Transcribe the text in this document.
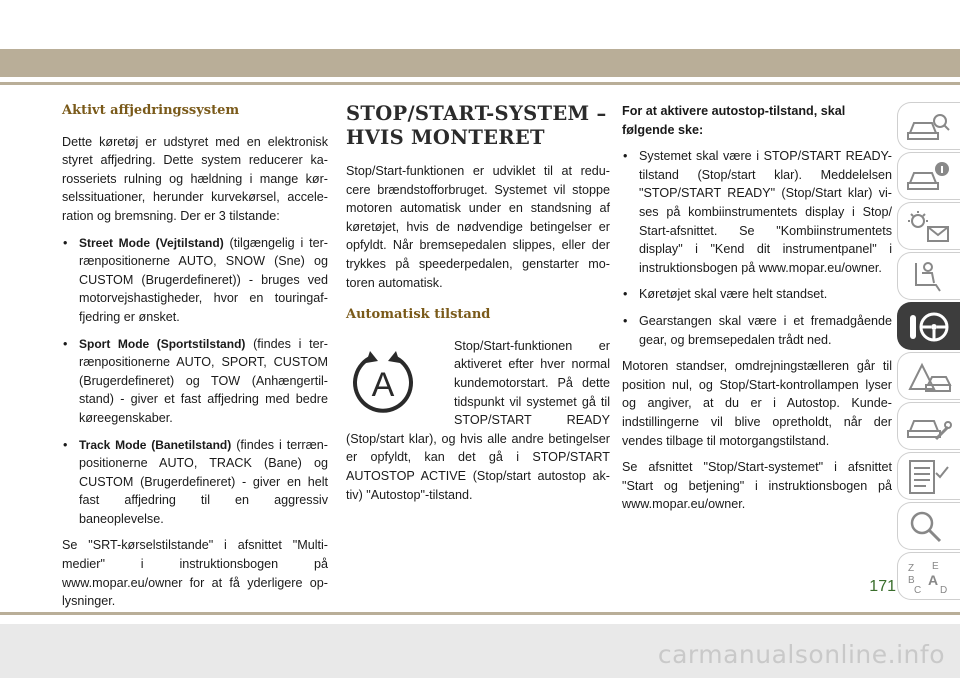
Aktivt affjedringssystem

Dette køretøj er udstyret med en elektronisk styret affjedring. Dette system reducerer ka- rosseriets rulning og hældning i mange kør- selssituationer, herunder kurvekørsel, accele- ration og bremsning. Der er 3 tilstande:

• Street Mode (Vejtilstand) (tilgængelig i ter- rænpositionerne AUTO, SNOW (Sne) og CUSTOM (Brugerdefineret)) - bruges ved motorvejshastigheder, hvor en touringaf- fjedring er ønsket.
• Sport Mode (Sportstilstand) (findes i ter- rænpositionerne AUTO, SPORT, CUSTOM (Brugerdefineret) og TOW (Anhængertil- stand) - giver et fast affjedring med bedre køreegenskaber.
• Track Mode (Banetilstand) (findes i terræn- positionerne AUTO, TRACK (Bane) og CUSTOM (Brugerdefineret) - giver en helt fast affjedring til en aggressiv baneoplevelse.

Se "SRT-kørselstilstande" i afsnittet "Multi- medier" i instruktionsbogen på www.mopar.eu/owner for at få yderligere op- lysninger.

STOP/START-SYSTEM – HVIS MONTERET

Stop/Start-funktionen er udviklet til at redu- cere brændstofforbruget. Systemet vil stoppe motoren automatisk under en standsning af køretøjet, hvis de nødvendige betingelser er opfyldt. Når bremsepedalen slippes, eller der trykkes på speederpedalen, genstarter mo- toren automatisk.

Automatisk tilstand
A

Stop/Start-funktionen er aktiveret efter hver normal kundemotorstart. På dette tidspunkt vil systemet gå til STOP/START READY (Stop/start klar), og hvis alle andre betingelser er opfyldt, kan det gå i STOP/START AUTOSTOP ACTIVE (Stop/start autostop ak- tiv) "Autostop"-tilstand.

For at aktivere autostop-tilstand, skal følgende ske:

• Systemet skal være i STOP/START READY- tilstand (Stop/start klar). Meddelelsen "STOP/START READY" (Stop/Start klar) vi- ses på kombiinstrumentets display i Stop/ Start-afsnittet. Se "Kombiinstrumentets display" i "Kend dit instrumentpanel" i instruktionsbogen på www.mopar.eu/owner.
• Køretøjet skal være helt standset.
• Gearstangen skal være i et fremadgående gear, og bremsepedalen trådt ned.

Motoren standser, omdrejningstælleren går til position nul, og Stop/Start-kontrollampen lyser og angiver, at du er i Autostop. Kunde- indstillingerne vil blive opretholdt, når der vendes tilbage til motorgangstilstand.

Se afsnittet "Stop/Start-systemet" i afsnittet "Start og betjening" i instruktionsbogen på www.mopar.eu/owner.

Z E
B A
C D
171
carmanualsonline.info
